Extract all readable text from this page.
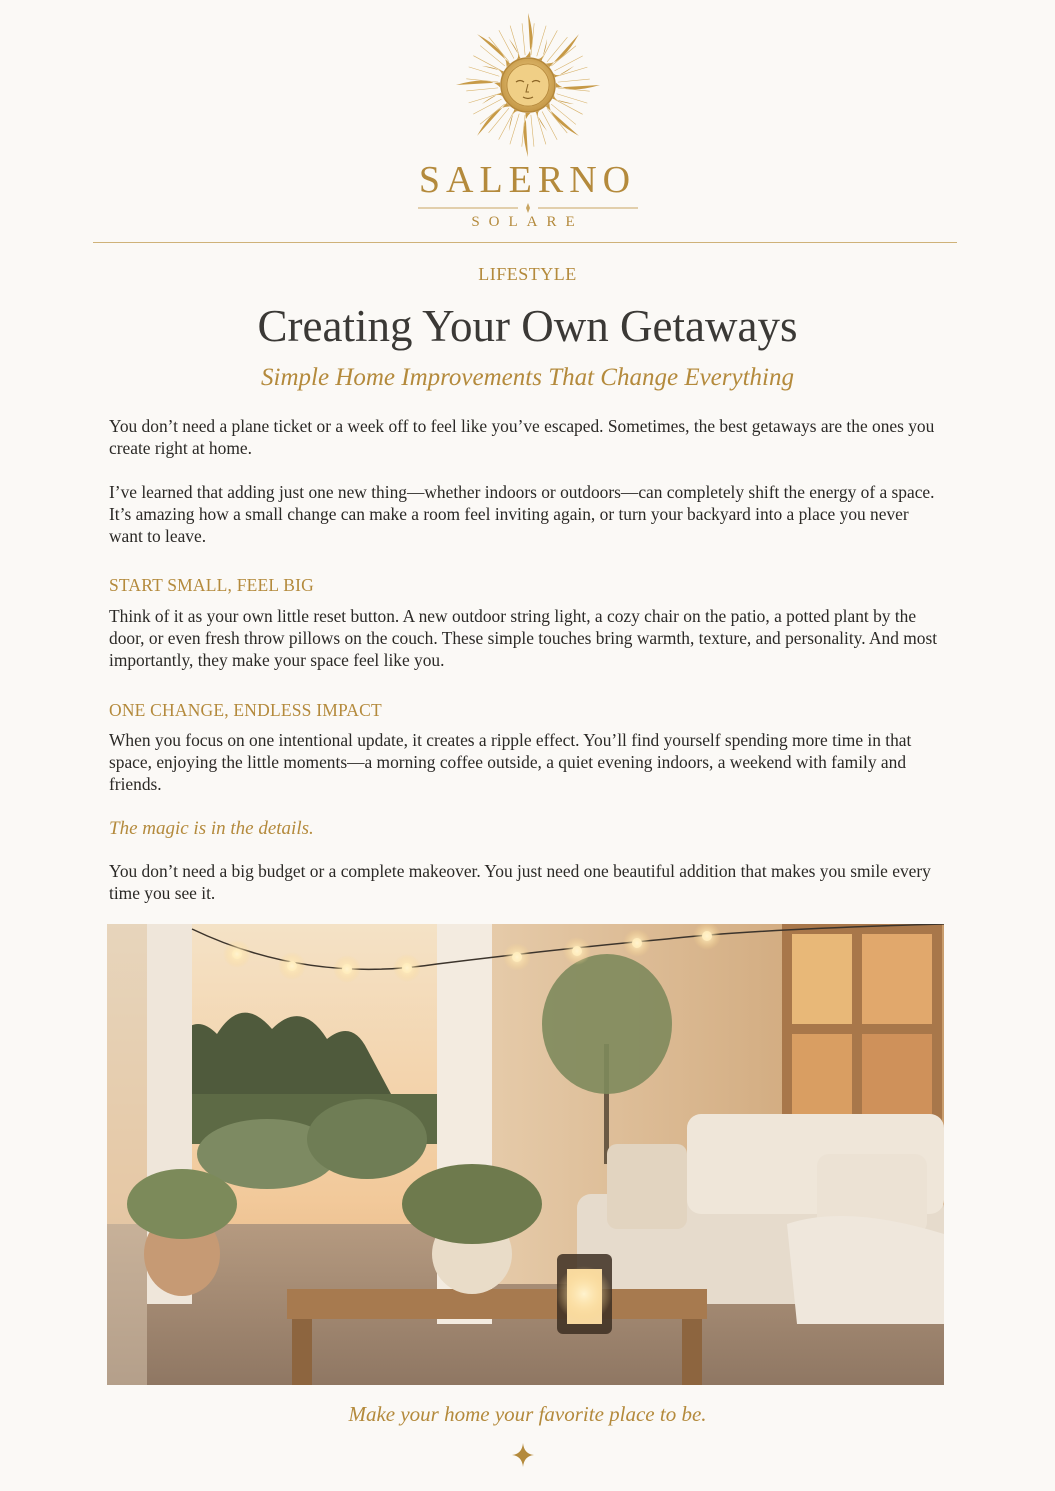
SALERNO
SOLARE
LIFESTYLE
Creating Your Own Getaways
Simple Home Improvements That Change Everything

You don’t need a plane ticket or a week off to feel like you’ve escaped. Sometimes, the best getaways are the ones you create right at home.

I’ve learned that adding just one new thing—whether indoors or outdoors—can completely shift the energy of a space. It’s amazing how a small change can make a room feel inviting again, or turn your backyard into a place you never want to leave.

START SMALL, FEEL BIG

Think of it as your own little reset button. A new outdoor string light, a cozy chair on the patio, a potted plant by the door, or even fresh throw pillows on the couch. These simple touches bring warmth, texture, and personality. And most importantly, they make your space feel like you.

ONE CHANGE, ENDLESS IMPACT

When you focus on one intentional update, it creates a ripple effect. You’ll find yourself spending more time in that space, enjoying the little moments—a morning coffee outside, a quiet evening indoors, a weekend with family and friends.

The magic is in the details.

You don’t need a big budget or a complete makeover. You just need one beautiful addition that makes you smile every time you see it.

Make your home your favorite place to be.
